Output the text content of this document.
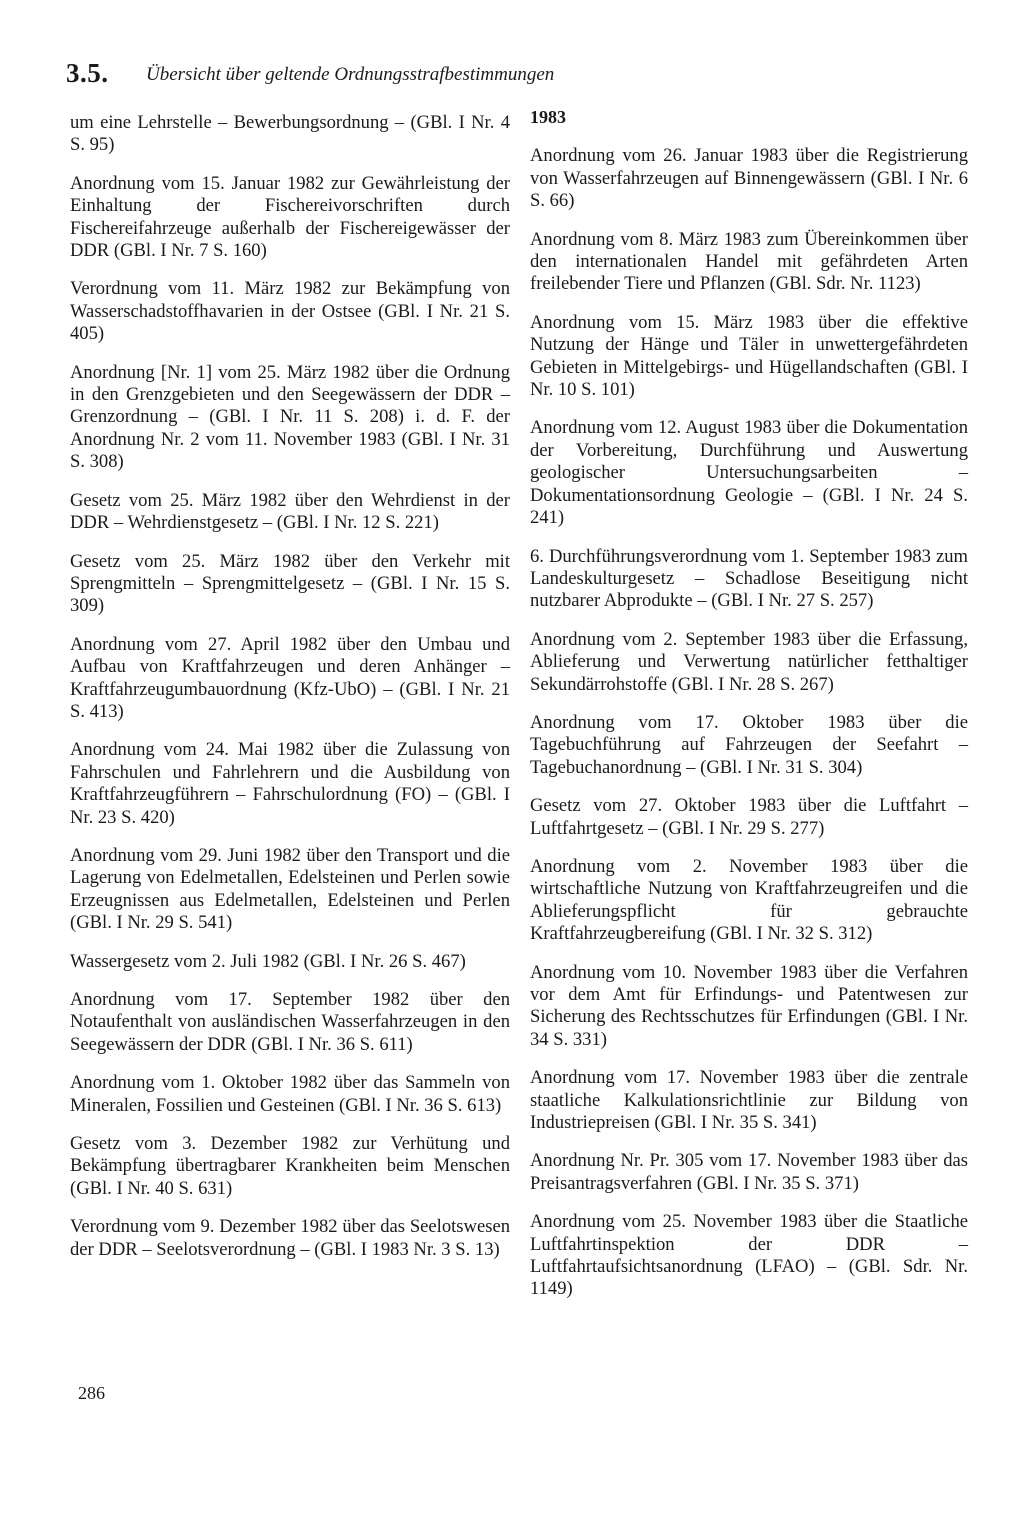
3.5. Übersicht über geltende Ordnungsstrafbestimmungen

um eine Lehrstelle – Bewerbungsordnung – (GBl. I Nr. 4 S. 95)

Anordnung vom 15. Januar 1982 zur Gewährleistung der Einhaltung der Fischereivorschriften durch Fischereifahrzeuge außerhalb der Fischereigewässer der DDR (GBl. I Nr. 7 S. 160)

Verordnung vom 11. März 1982 zur Bekämpfung von Wasserschadstoffhavarien in der Ostsee (GBl. I Nr. 21 S. 405)

Anordnung [Nr. 1] vom 25. März 1982 über die Ordnung in den Grenzgebieten und den Seegewässern der DDR – Grenzordnung – (GBl. I Nr. 11 S. 208) i. d. F. der Anordnung Nr. 2 vom 11. November 1983 (GBl. I Nr. 31 S. 308)

Gesetz vom 25. März 1982 über den Wehrdienst in der DDR – Wehrdienstgesetz – (GBl. I Nr. 12 S. 221)

Gesetz vom 25. März 1982 über den Verkehr mit Sprengmitteln – Sprengmittelgesetz – (GBl. I Nr. 15 S. 309)

Anordnung vom 27. April 1982 über den Umbau und Aufbau von Kraftfahrzeugen und deren Anhänger – Kraftfahrzeugumbauordnung (Kfz-UbO) – (GBl. I Nr. 21 S. 413)

Anordnung vom 24. Mai 1982 über die Zulassung von Fahrschulen und Fahrlehrern und die Ausbildung von Kraftfahrzeugführern – Fahrschulordnung (FO) – (GBl. I Nr. 23 S. 420)

Anordnung vom 29. Juni 1982 über den Transport und die Lagerung von Edelmetallen, Edelsteinen und Perlen sowie Erzeugnissen aus Edelmetallen, Edelsteinen und Perlen (GBl. I Nr. 29 S. 541)

Wassergesetz vom 2. Juli 1982 (GBl. I Nr. 26 S. 467)

Anordnung vom 17. September 1982 über den Notaufenthalt von ausländischen Wasserfahrzeugen in den Seegewässern der DDR (GBl. I Nr. 36 S. 611)

Anordnung vom 1. Oktober 1982 über das Sammeln von Mineralen, Fossilien und Gesteinen (GBl. I Nr. 36 S. 613)

Gesetz vom 3. Dezember 1982 zur Verhütung und Bekämpfung übertragbarer Krankheiten beim Menschen (GBl. I Nr. 40 S. 631)

Verordnung vom 9. Dezember 1982 über das Seelotswesen der DDR – Seelotsverordnung – (GBl. I 1983 Nr. 3 S. 13)

1983

Anordnung vom 26. Januar 1983 über die Registrierung von Wasserfahrzeugen auf Binnengewässern (GBl. I Nr. 6 S. 66)

Anordnung vom 8. März 1983 zum Übereinkommen über den internationalen Handel mit gefährdeten Arten freilebender Tiere und Pflanzen (GBl. Sdr. Nr. 1123)

Anordnung vom 15. März 1983 über die effektive Nutzung der Hänge und Täler in unwettergefährdeten Gebieten in Mittelgebirgs- und Hügellandschaften (GBl. I Nr. 10 S. 101)

Anordnung vom 12. August 1983 über die Dokumentation der Vorbereitung, Durchführung und Auswertung geologischer Untersuchungsarbeiten – Dokumentationsordnung Geologie – (GBl. I Nr. 24 S. 241)

6. Durchführungsverordnung vom 1. September 1983 zum Landeskulturgesetz – Schadlose Beseitigung nicht nutzbarer Abprodukte – (GBl. I Nr. 27 S. 257)

Anordnung vom 2. September 1983 über die Erfassung, Ablieferung und Verwertung natürlicher fetthaltiger Sekundärrohstoffe (GBl. I Nr. 28 S. 267)

Anordnung vom 17. Oktober 1983 über die Tagebuchführung auf Fahrzeugen der Seefahrt – Tagebuchanordnung – (GBl. I Nr. 31 S. 304)

Gesetz vom 27. Oktober 1983 über die Luftfahrt – Luftfahrtgesetz – (GBl. I Nr. 29 S. 277)

Anordnung vom 2. November 1983 über die wirtschaftliche Nutzung von Kraftfahrzeugreifen und die Ablieferungspflicht für gebrauchte Kraftfahrzeugbereifung (GBl. I Nr. 32 S. 312)

Anordnung vom 10. November 1983 über die Verfahren vor dem Amt für Erfindungs- und Patentwesen zur Sicherung des Rechtsschutzes für Erfindungen (GBl. I Nr. 34 S. 331)

Anordnung vom 17. November 1983 über die zentrale staatliche Kalkulationsrichtlinie zur Bildung von Industriepreisen (GBl. I Nr. 35 S. 341)

Anordnung Nr. Pr. 305 vom 17. November 1983 über das Preisantragsverfahren (GBl. I Nr. 35 S. 371)

Anordnung vom 25. November 1983 über die Staatliche Luftfahrtinspektion der DDR – Luftfahrtaufsichtsanordnung (LFAO) – (GBl. Sdr. Nr. 1149)

286
